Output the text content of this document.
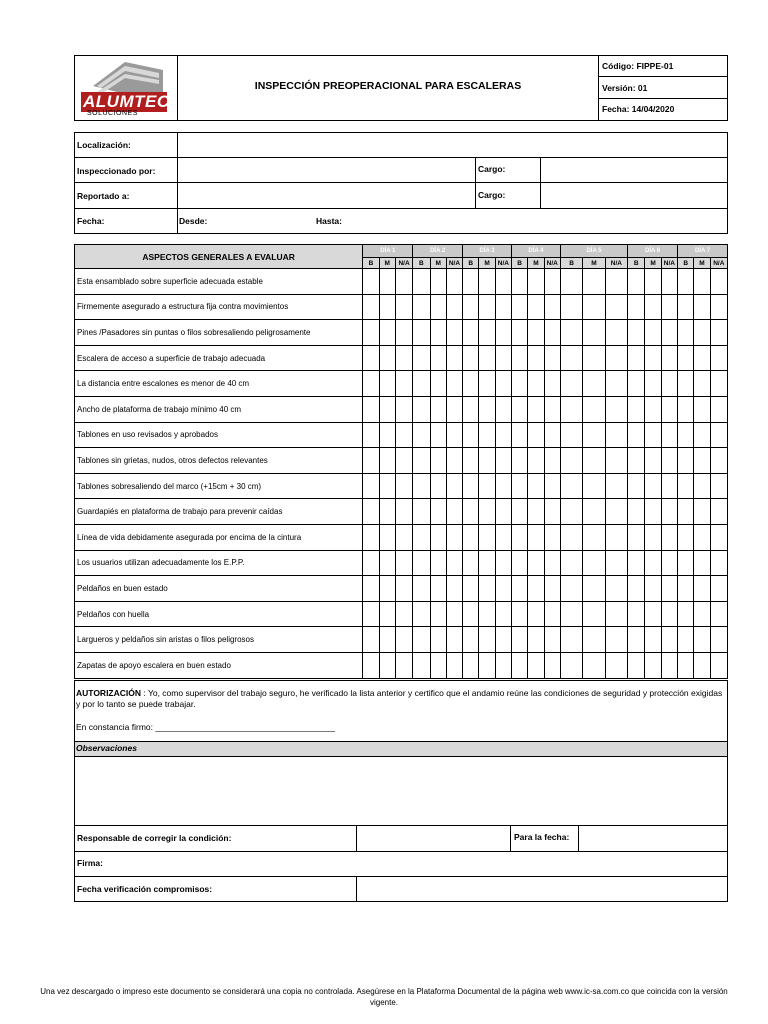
ALUMTEC
SOLUCIONES
INSPECCIÓN PREOPERACIONAL PARA ESCALERAS
Código: FIPPE-01
Versión: 01
Fecha: 14/04/2020
Localización:
Inspeccionado por:	Cargo:
Reportado a:	Cargo:
Fecha:	Desde:	Hasta:
ASPECTOS GENERALES A EVALUAR	DÍA 1			DÍA 2			DÍA 3			DÍA 4			DÍA 5			DÍA 6			DÍA 7		
	B	M	N/A	B	M	N/A	B	M	N/A	B	M	N/A	B	M	N/A	B	M	N/A	B	M	N/A
Esta ensamblado sobre superficie adecuada estable																					
Firmemente asegurado a estructura fija contra movimientos																					
Pines /Pasadores sin puntas o filos sobresaliendo peligrosamente																					
Escalera de acceso a superficie de trabajo adecuada																					
La distancia entre escalones es menor de 40 cm																					
Ancho de plataforma de trabajo mínimo 40 cm																					
Tablones en uso revisados y aprobados																					
Tablones sin grietas, nudos, otros defectos relevantes																					
Tablones sobresaliendo del marco (+15cm + 30 cm)																					
Guardapiés en plataforma de trabajo para prevenir caídas																					
Línea de vida debidamente asegurada por encima de la cintura																					
Los usuarios utilizan adecuadamente los E.P.P.																					
Peldaños en buen estado																					
Peldaños con huella																					
Largueros y peldaños sin aristas o filos peligrosos																					
Zapatas de apoyo escalera en buen estado																					
AUTORIZACIÓN : Yo, como supervisor del trabajo seguro, he verificado la lista anterior y certifico que el andamio reúne las condiciones de seguridad y protección exigidas y por lo tanto se puede trabajar.
En constancia firmo: ______________________________________
Observaciones
Responsable de corregir la condición:	Para la fecha:
Firma:
Fecha verificación compromisos:
Una vez descargado o impreso este documento se considerará una copia no controlada. Asegúrese en la Plataforma Documental de la página web www.ic-sa.com.co que coincida con la versión vigente.
